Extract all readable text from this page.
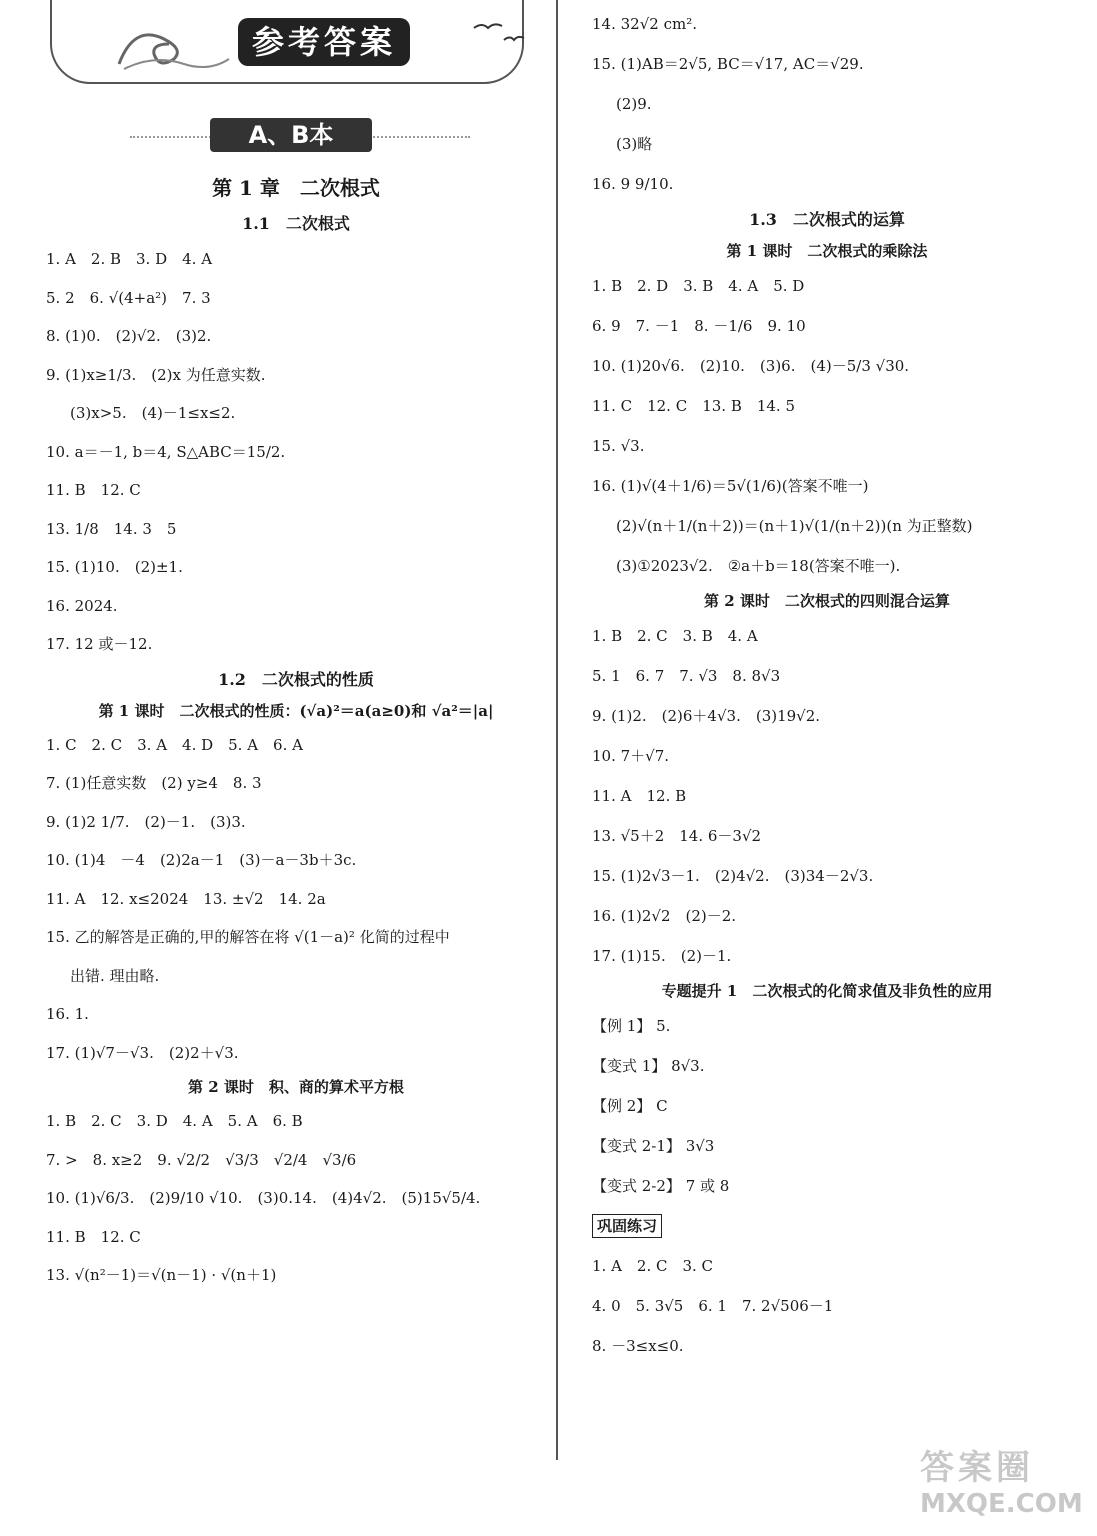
参考答案
A、B本
第 1 章　二次根式
1.1　二次根式
1. A　2. B　3. D　4. A
5. 2　6. √(4+a²)　7. 3
8. (1)0.　(2)√2.　(3)2.
9. (1)x≥1/3.　(2)x 为任意实数.
(3)x>5.　(4)－1≤x≤2.
10. a＝－1, b＝4, S△ABC＝15/2.
11. B　12. C
13. 1/8　14. 3　5
15. (1)10.　(2)±1.
16. 2024.
17. 12 或－12.
1.2　二次根式的性质
第 1 课时　二次根式的性质：(√a)²＝a(a≥0)和 √a²＝|a|
1. C　2. C　3. A　4. D　5. A　6. A
7. (1)任意实数　(2) y≥4　8. 3
9. (1)2 1/7.　(2)－1.　(3)3.
10. (1)4　－4　(2)2a－1　(3)－a－3b＋3c.
11. A　12. x≤2024　13. ±√2　14. 2a
15. 乙的解答是正确的,甲的解答在将 √(1－a)² 化简的过程中
出错. 理由略.
16. 1.
17. (1)√7－√3.　(2)2＋√3.
第 2 课时　积、商的算术平方根
1. B　2. C　3. D　4. A　5. A　6. B
7. >　8. x≥2　9. √2/2　√3/3　√2/4　√3/6
10. (1)√6/3.　(2)9/10 √10.　(3)0.14.　(4)4√2.　(5)15√5/4.
11. B　12. C
13. √(n²－1)＝√(n－1) · √(n＋1)
14. 32√2 cm².
15. (1)AB＝2√5, BC＝√17, AC＝√29.
(2)9.
(3)略
16. 9 9/10.
1.3　二次根式的运算
第 1 课时　二次根式的乘除法
1. B　2. D　3. B　4. A　5. D
6. 9　7. －1　8. －1/6　9. 10
10. (1)20√6.　(2)10.　(3)6.　(4)－5/3 √30.
11. C　12. C　13. B　14. 5
15. √3.
16. (1)√(4＋1/6)＝5√(1/6)(答案不唯一)
(2)√(n＋1/(n＋2))＝(n＋1)√(1/(n＋2))(n 为正整数)
(3)①2023√2.　②a＋b＝18(答案不唯一).
第 2 课时　二次根式的四则混合运算
1. B　2. C　3. B　4. A
5. 1　6. 7　7. √3　8. 8√3
9. (1)2.　(2)6＋4√3.　(3)19√2.
10. 7＋√7.
11. A　12. B
13. √5＋2　14. 6－3√2
15. (1)2√3－1.　(2)4√2.　(3)34－2√3.
16. (1)2√2　(2)－2.
17. (1)15.　(2)－1.
专题提升 1　二次根式的化简求值及非负性的应用
【例 1】 5.
【变式 1】 8√3.
【例 2】 C
【变式 2-1】 3√3
【变式 2-2】 7 或 8
巩固练习
1. A　2. C　3. C
4. 0　5. 3√5　6. 1　7. 2√506－1
8. －3≤x≤0.
答案圈
MXQE.COM
